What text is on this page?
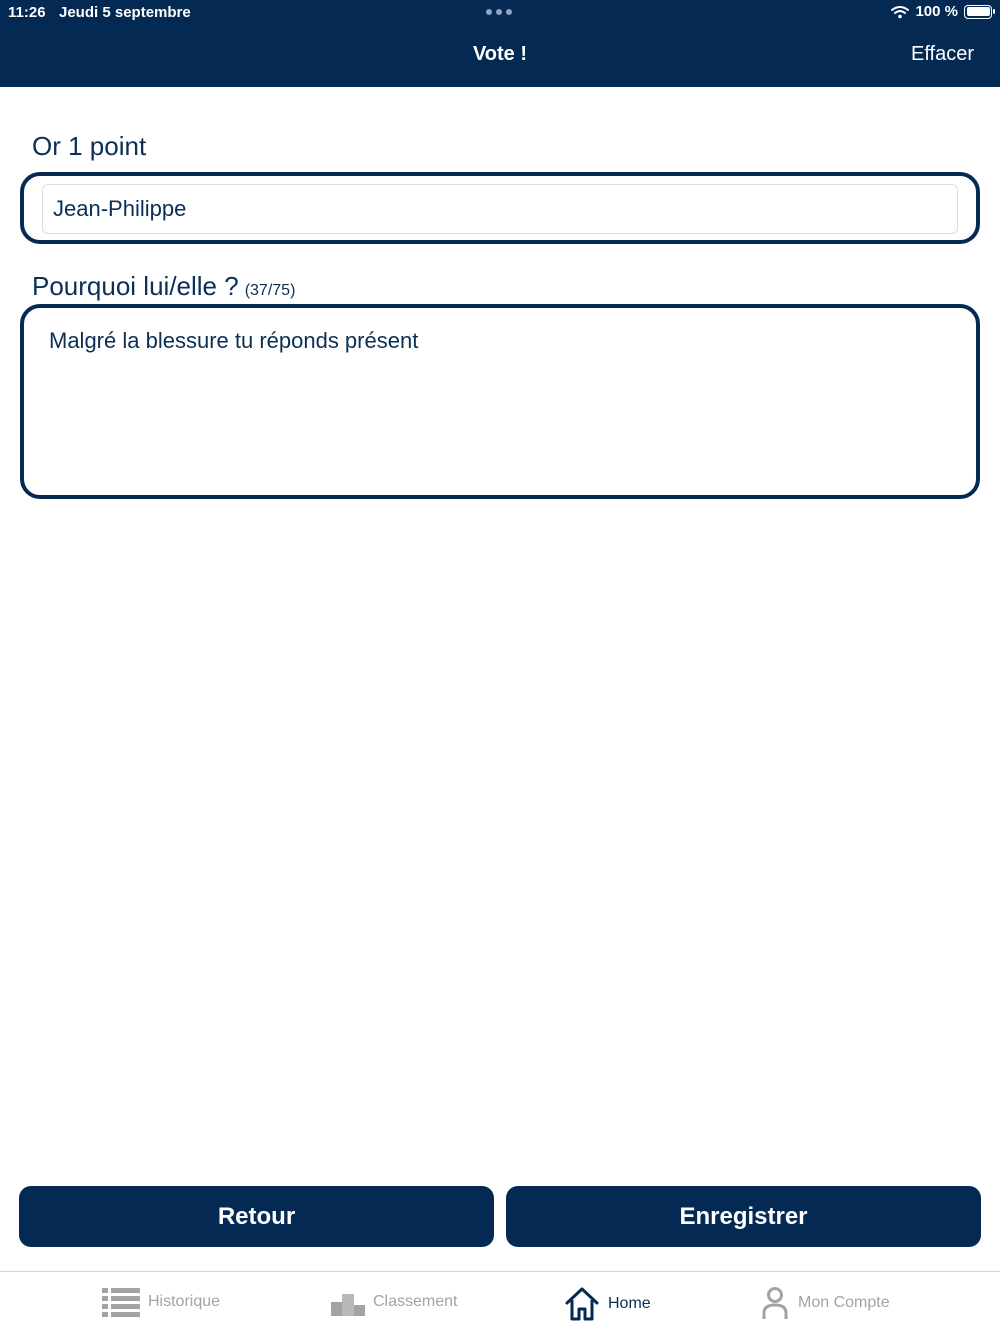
11:26 Jeudi 5 septembre	100 %
Vote !	Effacer
Or 1 point
Jean-Philippe
Pourquoi lui/elle ? (37/75)
Malgré la blessure tu réponds présent
Retour	Enregistrer
Historique	Classement	Home	Mon Compte
